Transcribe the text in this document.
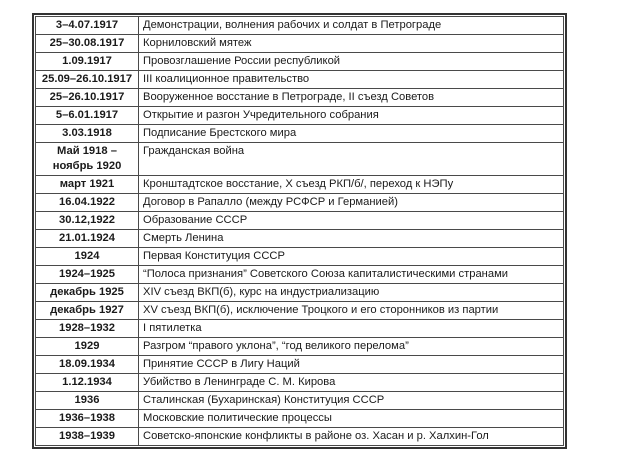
3–4.07.1917	Демонстрации, волнения рабочих и солдат в Петрограде
25–30.08.1917	Корниловский мятеж
1.09.1917	Провозглашение России республикой
25.09–26.10.1917	III коалиционное правительство
25–26.10.1917	Вооруженное восстание в Петрограде, II съезд Советов
5–6.01.1917	Открытие и разгон Учредительного собрания
3.03.1918	Подписание Брестского мира
Май 1918 – ноябрь 1920	Гражданская война
март 1921	Кронштадтское восстание, X съезд РКП/б/, переход к НЭПу
16.04.1922	Договор в Рапалло (между РСФСР и Германией)
30.12,1922	Образование СССР
21.01.1924	Смерть Ленина
1924	Первая Конституция СССР
1924–1925	“Полоса признания” Советского Союза капиталистическими странами
декабрь 1925	XIV съезд ВКП(б), курс на индустриализацию
декабрь 1927	XV съезд ВКП(б), исключение Троцкого и его сторонников из партии
1928–1932	I пятилетка
1929	Разгром “правого уклона”, “год великого перелома”
18.09.1934	Принятие СССР в Лигу Наций
1.12.1934	Убийство в Ленинграде С. М. Кирова
1936	Сталинская (Бухаринская) Конституция СССР
1936–1938	Московские политические процессы
1938–1939	Советско-японские конфликты в районе оз. Хасан и р. Халхин-Гол
